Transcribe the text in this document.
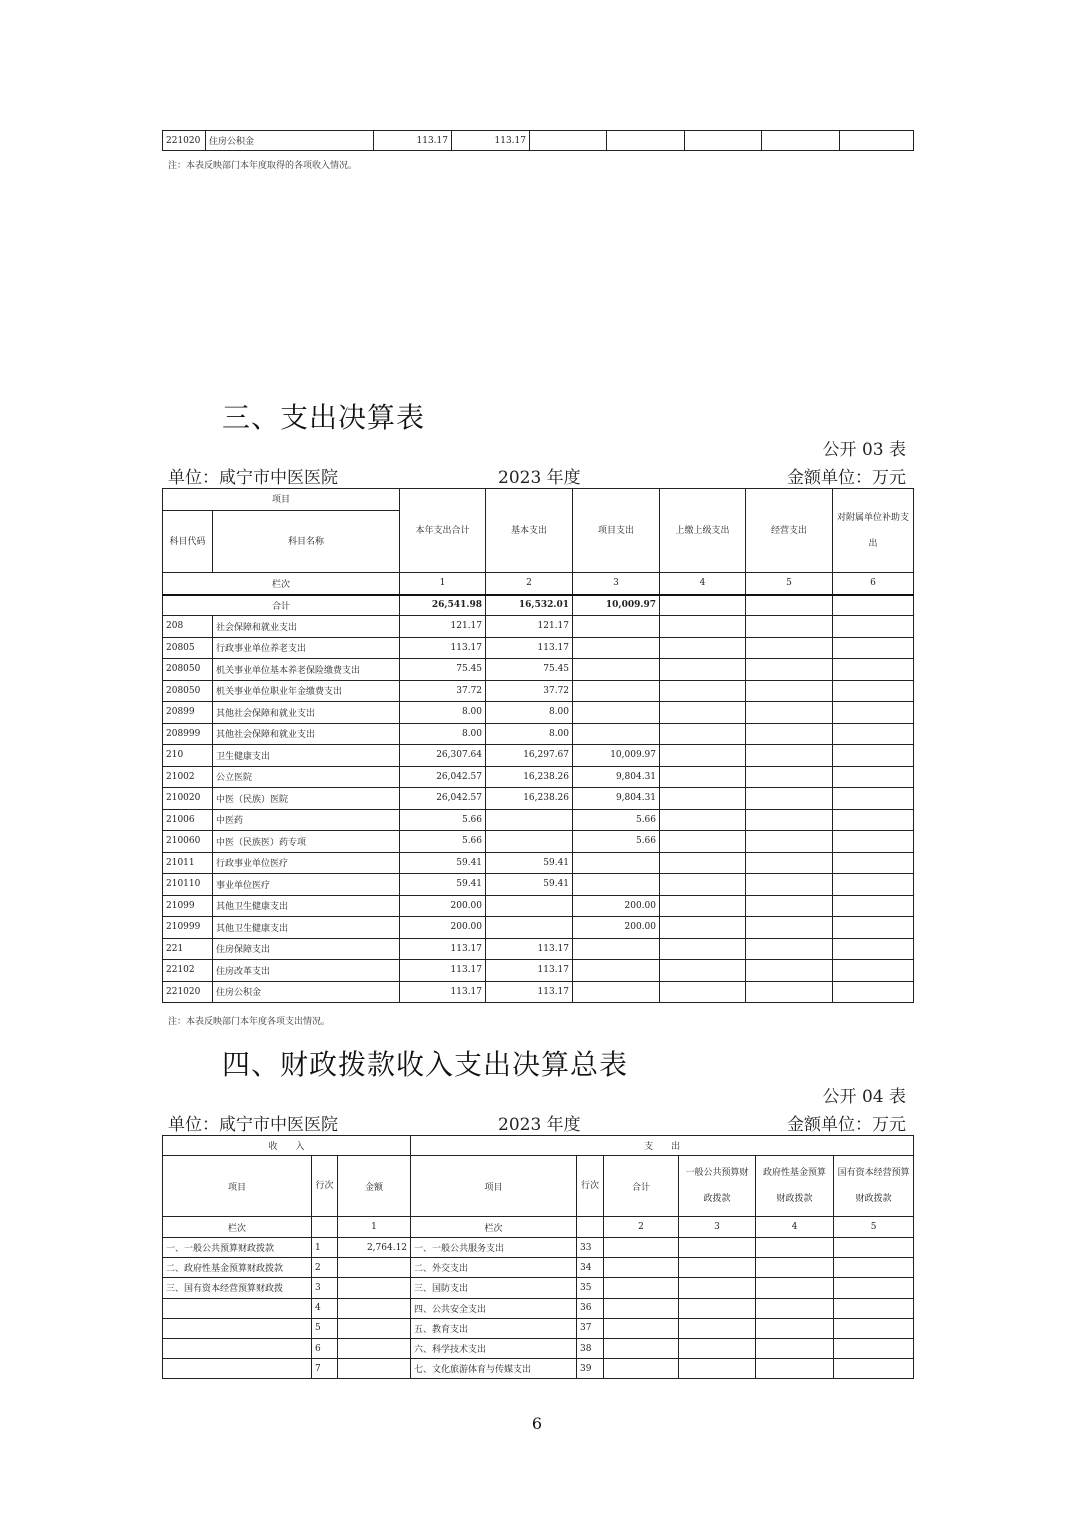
221020	住房公积金	113.17	113.17					
注：本表反映部门本年度取得的各项收入情况。
三、支出决算表
公开 03 表
单位：咸宁市中医医院	2023 年度	金额单位：万元
项目		本年支出合计	基本支出	项目支出	上缴上级支出	经营支出	对附属单位补助支出
科目代码	科目名称						
栏次		1	2	3	4	5	6
合计		26,541.98	16,532.01	10,009.97			
208	社会保障和就业支出	121.17	121.17				
20805	行政事业单位养老支出	113.17	113.17				
208050	机关事业单位基本养老保险缴费支出	75.45	75.45				
208050	机关事业单位职业年金缴费支出	37.72	37.72				
20899	其他社会保障和就业支出	8.00	8.00				
208999	其他社会保障和就业支出	8.00	8.00				
210	卫生健康支出	26,307.64	16,297.67	10,009.97			
21002	公立医院	26,042.57	16,238.26	9,804.31			
210020	中医（民族）医院	26,042.57	16,238.26	9,804.31			
21006	中医药	5.66		5.66			
210060	中医（民族医）药专项	5.66		5.66			
21011	行政事业单位医疗	59.41	59.41				
210110	事业单位医疗	59.41	59.41				
21099	其他卫生健康支出	200.00		200.00			
210999	其他卫生健康支出	200.00		200.00			
221	住房保障支出	113.17	113.17				
22102	住房改革支出	113.17	113.17				
221020	住房公积金	113.17	113.17				
注：本表反映部门本年度各项支出情况。
四、财政拨款收入支出决算总表
公开 04 表
单位：咸宁市中医医院	2023 年度	金额单位：万元
收　　入			支　　出					
项目	行次	金额	项目	行次	合计	一般公共预算财政拨款	政府性基金预算财政拨款	国有资本经营预算财政拨款
栏次		1	栏次		2	3	4	5
一、一般公共预算财政拨款	1	2,764.12	一、一般公共服务支出	33				
二、政府性基金预算财政拨款	2		二、外交支出	34				
三、国有资本经营预算财政拨	3		三、国防支出	35				
	4		四、公共安全支出	36				
	5		五、教育支出	37				
	6		六、科学技术支出	38				
	7		七、文化旅游体育与传媒支出	39				
6
